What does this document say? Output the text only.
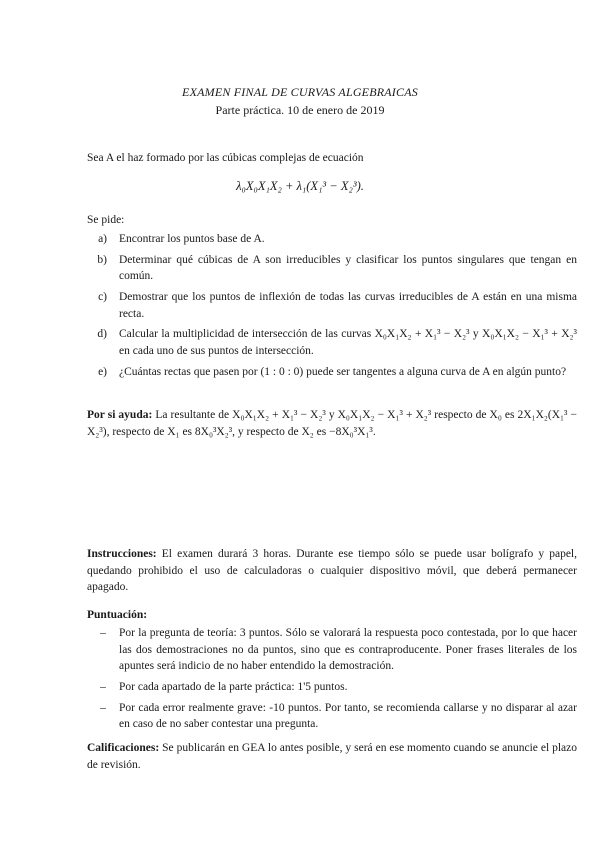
EXAMEN FINAL DE CURVAS ALGEBRAICAS
Parte práctica. 10 de enero de 2019
Sea A el haz formado por las cúbicas complejas de ecuación
λ₀X₀X₁X₂ + λ₁(X₁³ − X₂³).
Se pide:
a)	Encontrar los puntos base de A.
b)	Determinar qué cúbicas de A son irreducibles y clasificar los puntos singulares que tengan en común.
c)	Demostrar que los puntos de inflexión de todas las curvas irreducibles de A están en una misma recta.
d)	Calcular la multiplicidad de intersección de las curvas X₀X₁X₂ + X₁³ − X₂³ y X₀X₁X₂ − X₁³ + X₂³ en cada uno de sus puntos de intersección.
e)	¿Cuántas rectas que pasen por (1 : 0 : 0) puede ser tangentes a alguna curva de A en algún punto?
Por si ayuda: La resultante de X₀X₁X₂ + X₁³ − X₂³ y X₀X₁X₂ − X₁³ + X₂³ respecto de X₀ es 2X₁X₂(X₁³ − X₂³), respecto de X₁ es 8X₀³X₂³, y respecto de X₂ es −8X₀³X₁³.
Instrucciones: El examen durará 3 horas. Durante ese tiempo sólo se puede usar bolígrafo y papel, quedando prohibido el uso de calculadoras o cualquier dispositivo móvil, que deberá permanecer apagado.
Puntuación:
–	Por la pregunta de teoría: 3 puntos. Sólo se valorará la respuesta poco contestada, por lo que hacer las dos demostraciones no da puntos, sino que es contraproducente. Poner frases literales de los apuntes será indicio de no haber entendido la demostración.
–	Por cada apartado de la parte práctica: 1'5 puntos.
–	Por cada error realmente grave: -10 puntos. Por tanto, se recomienda callarse y no disparar al azar en caso de no saber contestar una pregunta.
Calificaciones: Se publicarán en GEA lo antes posible, y será en ese momento cuando se anuncie el plazo de revisión.
